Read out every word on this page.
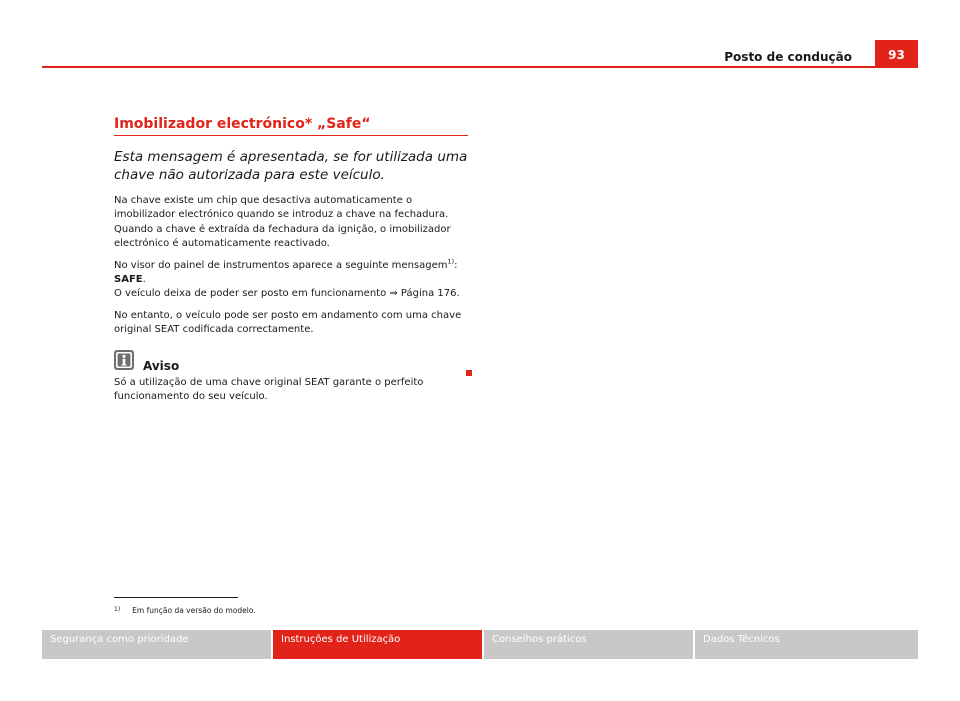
Posto de condução	93
Imobilizador electrónico* „Safe“

Esta mensagem é apresentada, se for utilizada uma chave não autorizada para este veículo.

Na chave existe um chip que desactiva automaticamente o imobilizador electrónico quando se introduz a chave na fechadura. Quando a chave é extraída da fechadura da ignição, o imobilizador electrónico é automaticamente reactivado.

No visor do painel de instrumentos aparece a seguinte mensagem$^{1)}$: SAFE.
O veículo deixa de poder ser posto em funcionamento ⇒ Página 176.

No entanto, o veículo pode ser posto em andamento com uma chave original SEAT codificada correctamente.

Aviso

Só a utilização de uma chave original SEAT garante o perfeito funcionamento do seu veículo.

$^{1)}$ Em função da versão do modelo.
Segurança como prioridade	Instruções de Utilização	Conselhos práticos	Dados Técnicos
